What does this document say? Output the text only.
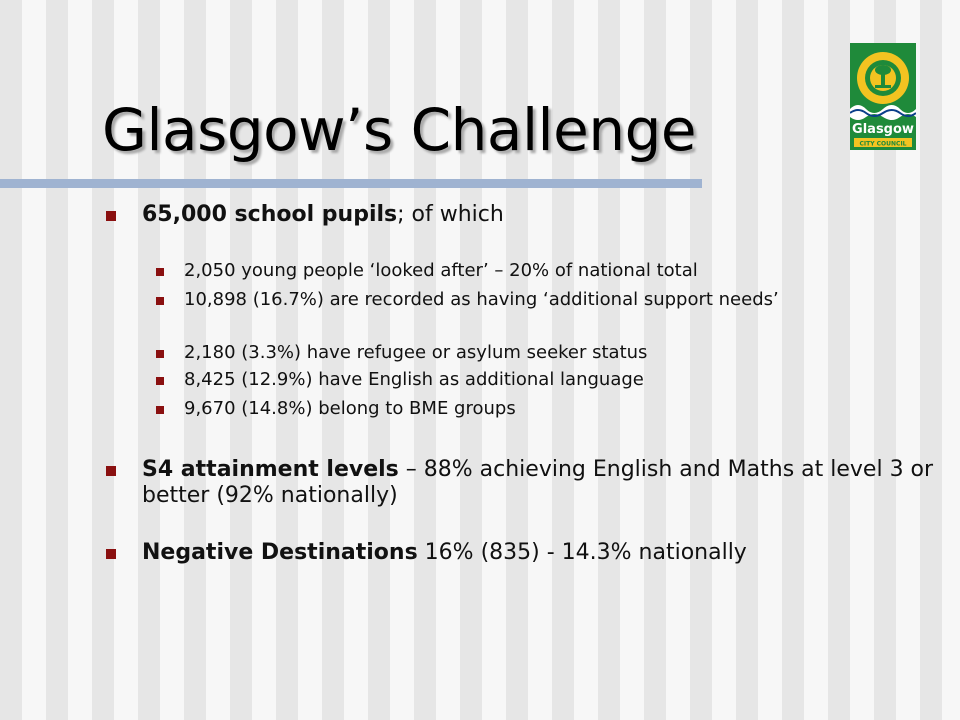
Glasgow’s Challenge	Glasgow
CITY COUNCIL
65,000 school pupils; of which
2,050 young people ‘looked after’ – 20% of national total
10,898 (16.7%) are recorded as having ‘additional support needs’
2,180 (3.3%) have refugee or asylum seeker status
8,425 (12.9%) have English as additional language
9,670 (14.8%) belong to BME groups
S4 attainment levels – 88% achieving English and Maths at level 3 or better (92% nationally)
Negative Destinations 16% (835) - 14.3% nationally
